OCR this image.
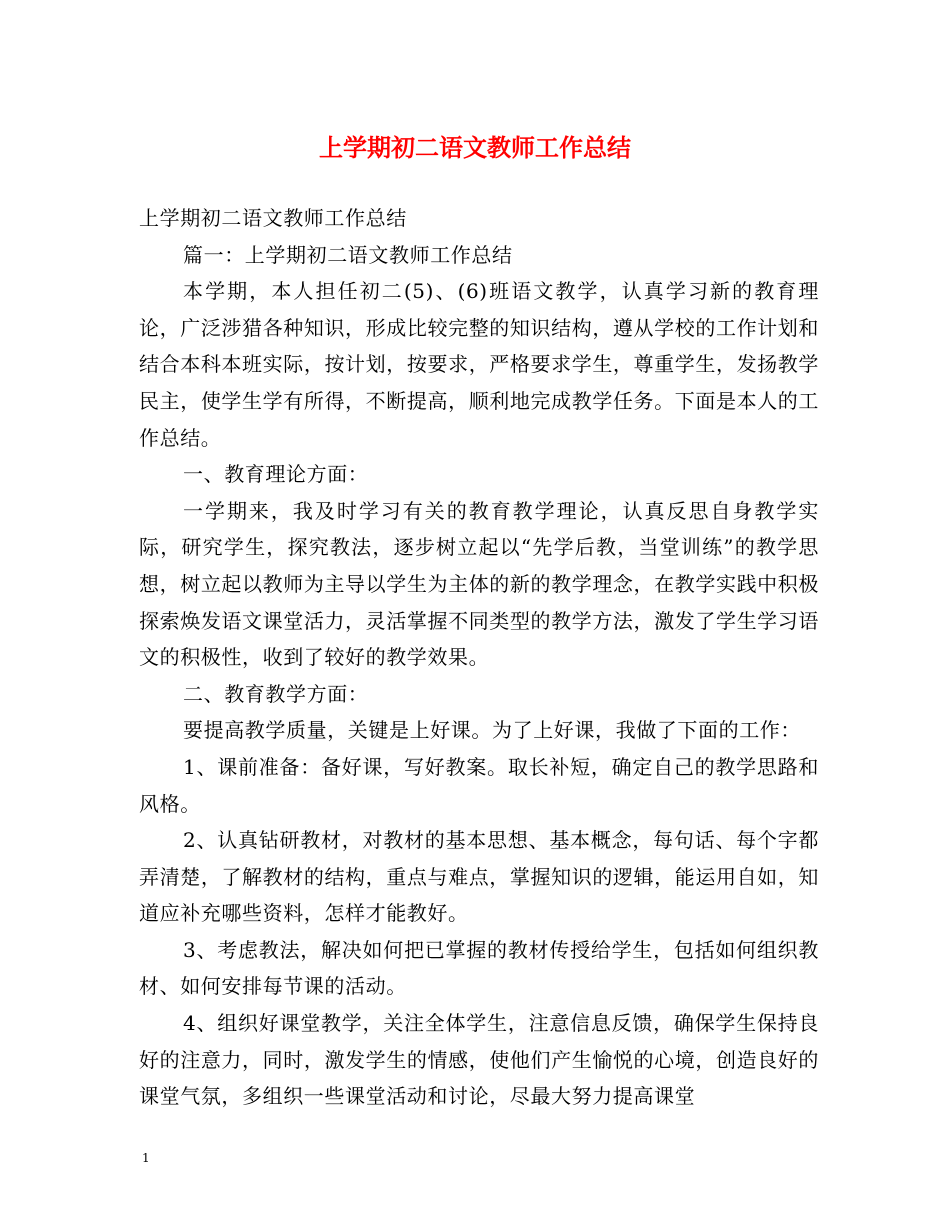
上学期初二语文教师工作总结

上学期初二语文教师工作总结

篇一：上学期初二语文教师工作总结

本学期，本人担任初二(5)、(6)班语文教学，认真学习新的教育理论，广泛涉猎各种知识，形成比较完整的知识结构，遵从学校的工作计划和结合本科本班实际，按计划，按要求，严格要求学生，尊重学生，发扬教学民主，使学生学有所得，不断提高，顺利地完成教学任务。下面是本人的工作总结。

一、教育理论方面：

一学期来，我及时学习有关的教育教学理论，认真反思自身教学实际，研究学生，探究教法，逐步树立起以“先学后教，当堂训练”的教学思想，树立起以教师为主导以学生为主体的新的教学理念，在教学实践中积极探索焕发语文课堂活力，灵活掌握不同类型的教学方法，激发了学生学习语文的积极性，收到了较好的教学效果。

二、教育教学方面：

要提高教学质量，关键是上好课。为了上好课，我做了下面的工作：

1、课前准备：备好课，写好教案。取长补短，确定自己的教学思路和风格。

2、认真钻研教材，对教材的基本思想、基本概念，每句话、每个字都弄清楚，了解教材的结构，重点与难点，掌握知识的逻辑，能运用自如，知道应补充哪些资料，怎样才能教好。

3、考虑教法，解决如何把已掌握的教材传授给学生，包括如何组织教材、如何安排每节课的活动。

4、组织好课堂教学，关注全体学生，注意信息反馈，确保学生保持良好的注意力，同时，激发学生的情感，使他们产生愉悦的心境，创造良好的课堂气氛，多组织一些课堂活动和讨论，尽最大努力提高课堂

1
